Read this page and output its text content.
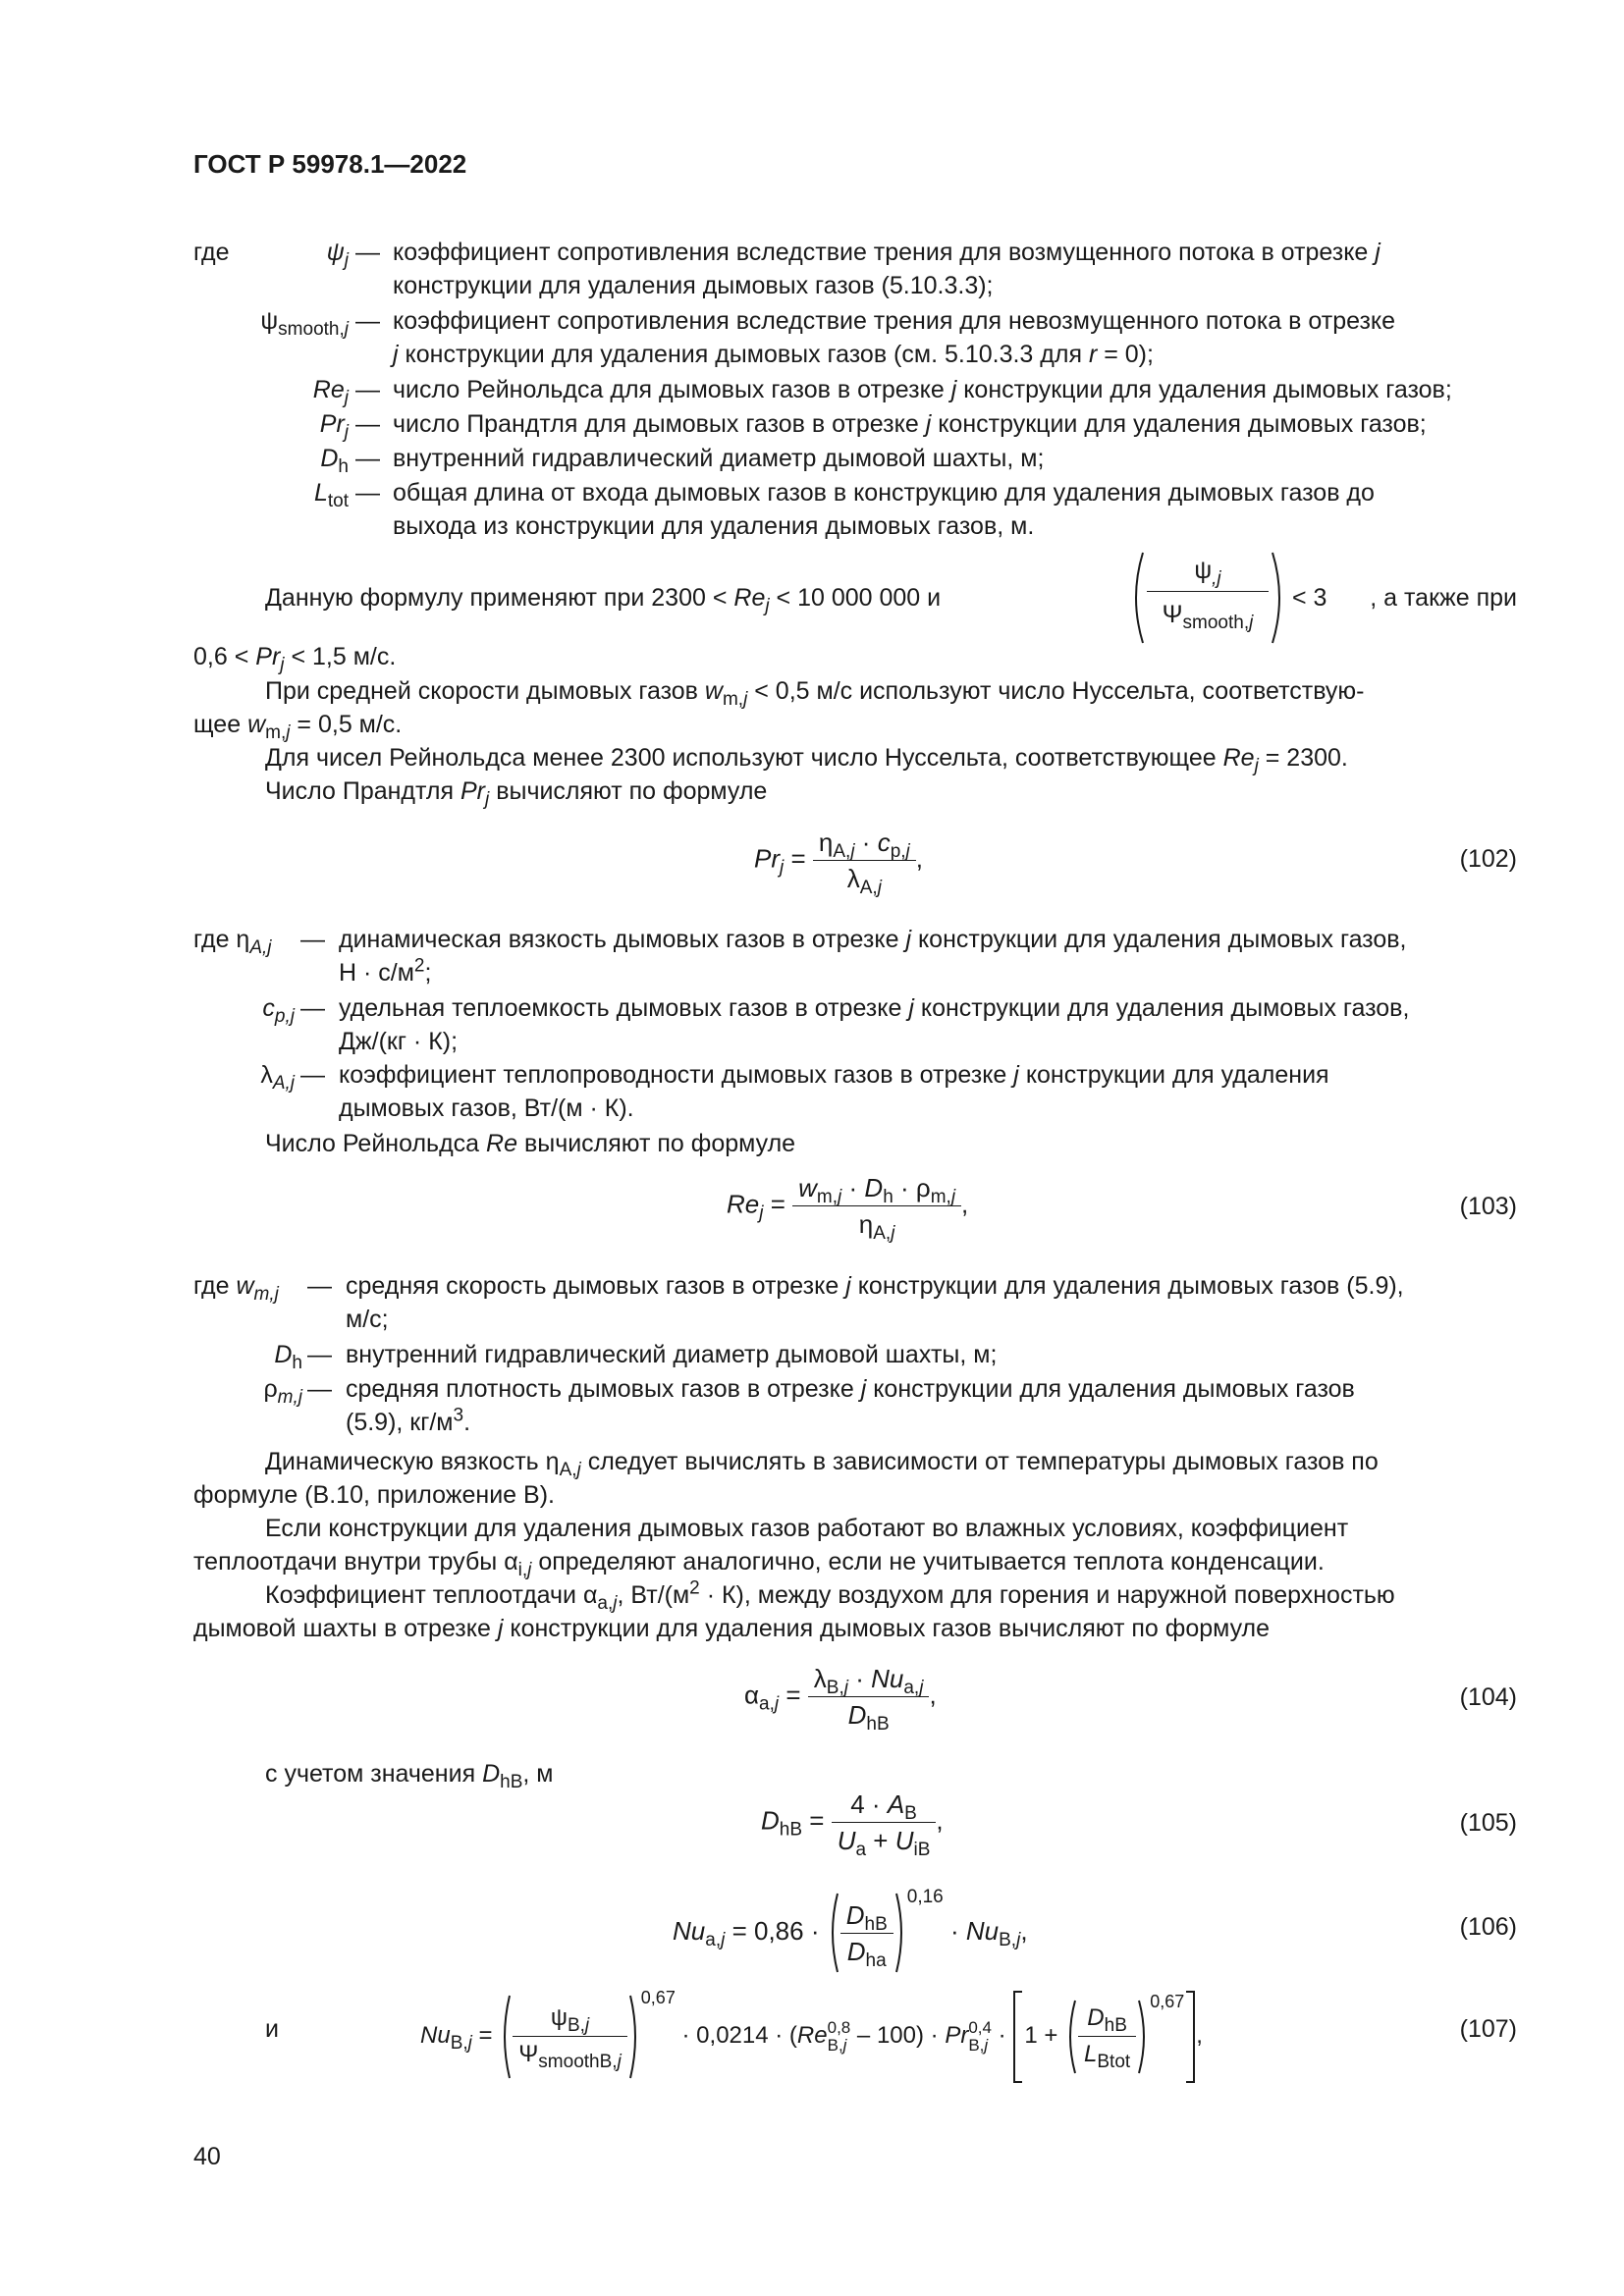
ГОСТ Р 59978.1—2022
где	$\psi_j$ — коэффициент сопротивления вследствие трения для возмущенного потока в отрезке j
конструкции для удаления дымовых газов (5.10.3.3);
$\psi_{smooth,j}$ — коэффициент сопротивления вследствие трения для невозмущенного потока в отрезке
j конструкции для удаления дымовых газов (см. 5.10.3.3 для r = 0);
$Re_j$ — число Рейнольдса для дымовых газов в отрезке j конструкции для удаления дымовых газов;
$Pr_j$ — число Прандтля для дымовых газов в отрезке j конструкции для удаления дымовых газов;
$D_h$ — внутренний гидравлический диаметр дымовой шахты, м;
$L_{tot}$ — общая длина от входа дымовых газов в конструкцию для удаления дымовых газов до
выхода из конструкции для удаления дымовых газов, м.
Данную формулу применяют при $2300 < Re_j < 10$ 000 000 и
$\psi_{,j}$
$\Psi_{smooth,j}$
< 3	, а также при
$0,6 < Pr_j < 1,5$ м/с.
При средней скорости дымовых газов $w_{m,j} < 0,5$ м/с используют число Нуссельта, соответствую-
щее $w_{m,j} = 0,5$ м/с.
Для чисел Рейнольдса менее 2300 используют число Нуссельта, соответствующее $Re_j = 2300$.
Число Прандтля $Pr_j$ вычисляют по формуле
$Pr_j = \frac{\eta_{A,j} \cdot c_{p,j}}{\lambda_{A,j}}$ ,	(102)
где $\eta_{A,j}$ — динамическая вязкость дымовых газов в отрезке j конструкции для удаления дымовых газов,
$Н \cdot с/м^2$;
$c_{p,j}$ — удельная теплоемкость дымовых газов в отрезке j конструкции для удаления дымовых газов,
Дж/(кг · К);
$\lambda_{A,j}$ — коэффициент теплопроводности дымовых газов в отрезке j конструкции для удаления
дымовых газов, Вт/(м · К).
Число Рейнольдса Re вычисляют по формуле
$Re_j = \frac{w_{m,j} \cdot D_h \cdot \rho_{m,j}}{\eta_{A,j}}$ ,	(103)
где $w_{m,j}$ — средняя скорость дымовых газов в отрезке j конструкции для удаления дымовых газов (5.9),
м/с;
$D_h$ — внутренний гидравлический диаметр дымовой шахты, м;
$\rho_{m,j}$ — средняя плотность дымовых газов в отрезке j конструкции для удаления дымовых газов
(5.9), $кг/м^3$.
Динамическую вязкость $\eta_{A,j}$ следует вычислять в зависимости от температуры дымовых газов по
формуле (В.10, приложение В).
Если конструкции для удаления дымовых газов работают во влажных условиях, коэффициент
теплоотдачи внутри трубы $\alpha_{i,j}$ определяют аналогично, если не учитывается теплота конденсации.
Коэффициент теплоотдачи $\alpha_{a,j}$, $Вт/(м^2 \cdot К)$, между воздухом для горения и наружной поверхностью
дымовой шахты в отрезке j конструкции для удаления дымовых газов вычисляют по формуле
$\alpha_{a,j} = \frac{\lambda_{B,j} \cdot Nu_{a,j}}{D_{hB}}$ ,	(104)
с учетом значения $D_{hB}$, м
$D_{hB} = \frac{4 \cdot A_B}{U_a + U_{iB}}$ ,	(105)
$Nu_{a,j} = 0,86 \cdot \frac{D_{hB}}{D_{ha}}$
$^{0,16} \cdot Nu_{B,j}$,	(106)
и	$Nu_{B,j} = \frac{\psi_{B,j}}{\Psi_{smoothB,j}}$
$^{0,67}$ · 0,0214 · (Re 0,8
B,j – 100) · Pr 0,4
$B,j \cdot 1 + \frac{D_{hB}}{L_{Btot}} ^{0,67}$,	(107)
40
